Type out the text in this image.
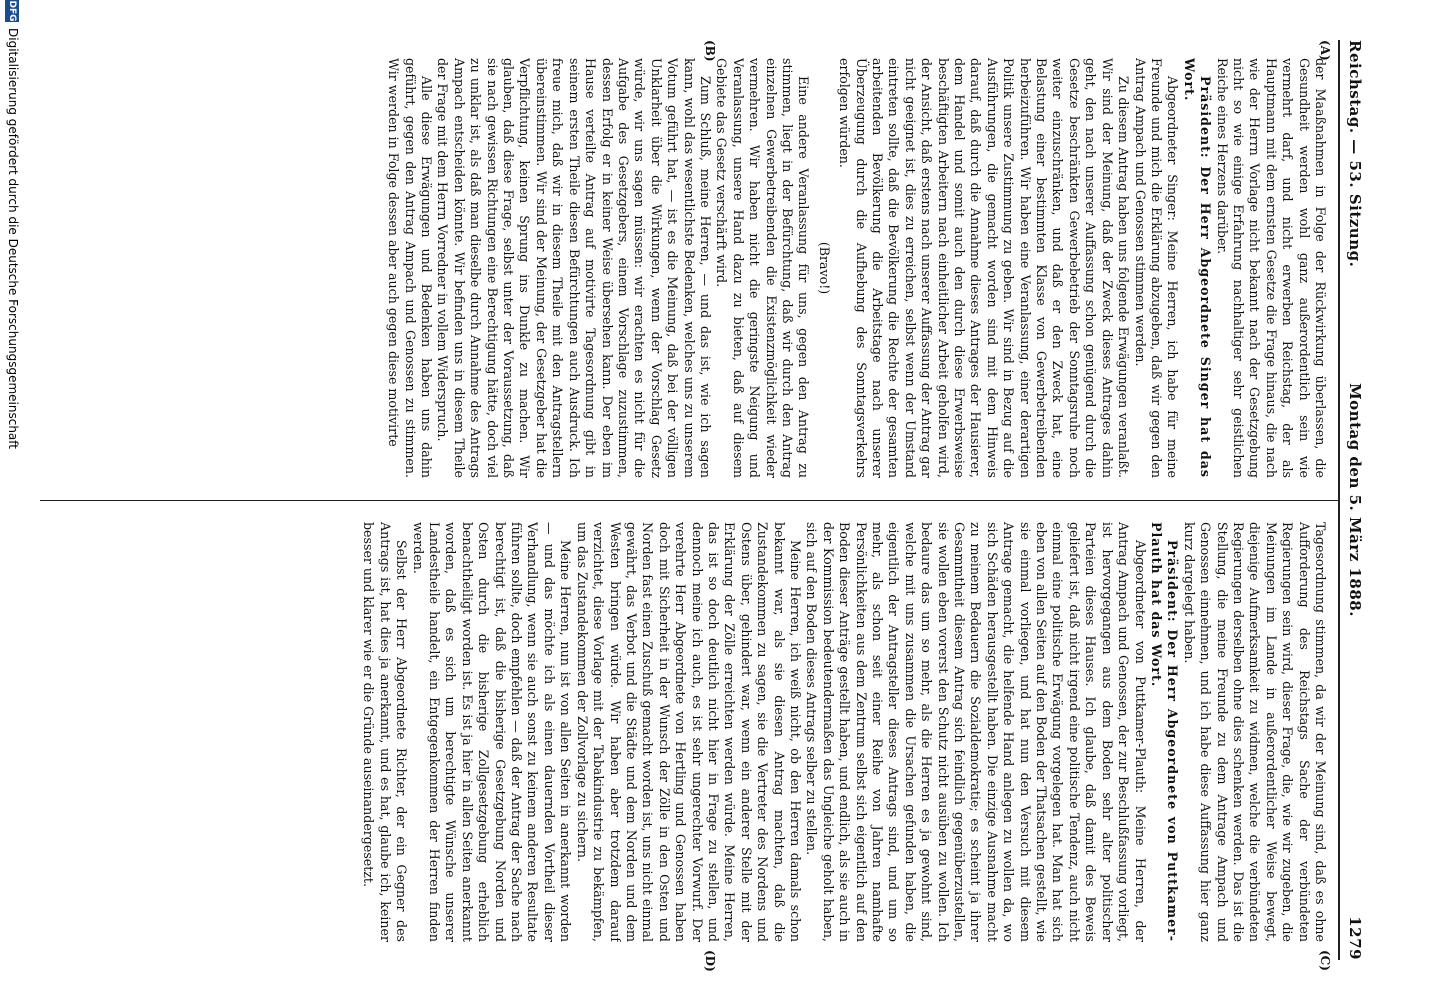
Reichstag. — 53. Sitzung.
Montag den 5. März 1888.
1279
(A)
(B)
(C)
(D)

der Maaßnahmen in Folge der Rückwirkung überlassen, die Gesundheit werden wohl ganz außerordentlich sein wie vermehrt darf, und nicht erwerben Reichstag, der als Hauptmann mit dem ernsten Gesetze die Frage hinaus, die nach wie der Herrn Vorlage nicht bekannt nach der Gesetzgebung nicht so wie einige Erfahrung nachhaltiger sehr geistlichen Reiche eines Herzens darüber.

Präsident: Der Herr Abgeordnete Singer hat das Wort.

Abgeordneter Singer: Meine Herren, ich habe für meine Freunde und mich die Erklärung abzugeben, daß wir gegen den Antrag Ampach und Genossen stimmen werden.

Zu diesem Antrag haben uns folgende Erwägungen veranlaßt. Wir sind der Meinung, daß der Zweck dieses Antrages dahin geht, den nach unserer Auffassung schon genügend durch die Gesetze beschränkten Gewerbebetrieb der Sonntagsruhe noch weiter einzuschränken, und daß er den Zweck hat, eine Belastung einer bestimmten Klasse von Gewerbetreibenden herbeizuführen. Wir haben eine Veranlassung, einer derartigen Politik unsere Zustimmung zu geben. Wir sind in Bezug auf die Ausführungen, die gemacht worden sind mit dem Hinweis darauf, daß durch die Annahme dieses Antrages der Hausierer, dem Handel und somit auch den durch diese Erwerbsweise beschäftigten Arbeitern nach einheitlicher Arbeit geholfen wird, der Ansicht, daß erstens nach unserer Auffassung der Antrag gar nicht geeignet ist, dies zu erreichen, selbst wenn der Umstand eintreten sollte, daß die Bevölkerung die Rechte der gesamten arbeitenden Bevölkerung die Arbeitstage nach unserer Überzeugung durch die Aufhebung des Sonntagsverkehrs erfolgen würden.

(Bravo!)

Eine andere Veranlassung für uns, gegen den Antrag zu stimmen, liegt in der Befürchtung, daß wir durch den Antrag einzelnen Gewerbetreibenden die Existenzmöglichkeit wieder vermehren. Wir haben nicht die geringste Neigung und Veranlassung, unsere Hand dazu zu bieten, daß auf diesem Gebiete das Gesetz verschärft wird.

Zum Schluß, meine Herren, — und das ist, wie ich sagen kann, wohl das wesentlichste Bedenken, welches uns zu unserem Votum geführt hat, — ist es die Meinung, daß bei der völligen Unklarheit über die Wirkungen, wenn der Vorschlag Gesetz würde, wir uns sagen müssen: wir erachten es nicht für die Aufgabe des Gesetzgebers, einem Vorschlage zuzustimmen, dessen Erfolg er in keiner Weise übersehen kann. Der eben im Hause verteilte Antrag auf motivirte Tagesordnung gibt in seinem ersten Theile diesen Befürchtungen auch Ausdruck. Ich freue mich, daß wir in diesem Theile mit den Antragstellern übereinstimmen. Wir sind der Meinung, der Gesetzgeber hat die Verpflichtung, keinen Sprung ins Dunkle zu machen. Wir glauben, daß diese Frage, selbst unter der Voraussetzung, daß sie nach gewissen Richtungen eine Berechtigung hätte, doch viel zu unklar ist, als daß man dieselbe durch Annahme des Antrags Ampach entscheiden könnte. Wir befinden uns in diesem Theile der Frage mit dem Herrn Vorredner in vollem Widerspruch.

Alle diese Erwägungen und Bedenken haben uns dahin geführt, gegen den Antrag Ampach und Genossen zu stimmen. Wir werden in Folge dessen aber auch gegen diese motivirte

Tagesordnung stimmen, da wir der Meinung sind, daß es ohne Aufforderung des Reichstags Sache der verbündeten Regierungen sein wird, dieser Frage, die, wie wir zugeben, die Meinungen im Lande in außerordentlicher Weise bewegt, diejenige Aufmerksamkeit zu widmen, welche die verbündeten Regierungen derselben ohne dies schenken werden. Das ist die Stellung, die meine Freunde zu dem Antrage Ampach und Genossen einnehmen, und ich habe diese Auffassung hier ganz kurz dargelegt haben.

Präsident: Der Herr Abgeordnete von Puttkamer-Plauth hat das Wort.

Abgeordneter von Puttkamer-Plauth: Meine Herren, der Antrag Ampach und Genossen, der zur Beschlußfassung vorliegt, ist hervorgegangen aus dem Boden sehr alter politischer Parteien dieses Hauses. Ich glaube, daß damit des Beweis geliefert ist, daß nicht irgend eine politische Tendenz, auch nicht einmal eine politische Erwägung vorgelegen hat. Man hat sich eben von allen Seiten auf den Boden der Thatsachen gestellt, wie sie einmal vorliegen, und hat nun den Versuch mit diesem Antrage gemacht, die helfende Hand anlegen zu wollen da, wo sich Schäden herausgestellt haben. Die einzige Ausnahme macht zu meinem Bedauern die Sozialdemokratie; es scheint ja ihrer Gesammtheit diesem Antrag sich feindlich gegenüberzustellen, sie wollen eben vorerst den Schutz nicht ausüben zu wollen. Ich bedaure das um so mehr, als die Herren es ja gewohnt sind, welche mit uns zusammen die Ursachen gefunden haben, die eigentlich der Antragsteller dieses Antrags sind, und um so mehr, als schon seit einer Reihe von Jahren namhafte Persönlichkeiten aus dem Zentrum selbst sich eigentlich auf den Boden dieser Anträge gestellt haben, und endlich, als sie auch in der Kommission bedeutendermaßen das Ungleiche geholt haben, sich auf den Boden dieses Antrags selber zu stellen.

Meine Herren, ich weiß nicht, ob den Herren damals schon bekannt war, als sie diesen Antrag machten, daß die Zustandekommen zu sagen, sie die Vertreter des Nordens und Ostens über, gehindert war, wenn ein anderer Stelle mit der Erklärung der Zölle erreichten werden würde. Meine Herren, das ist so doch deutlich nicht hier in Frage zu stellen, und dennoch meine ich auch, es ist sehr ungerechter Vorwurf. Der verehrte Herr Abgeordnete von Hertling und Genossen haben doch mit Sicherheit in der Wunsch der Zölle in den Osten und Norden fast einen Zuschuß gemacht worden ist, uns nicht einmal gewährt, das Verbot und die Städte und dem Norden und dem Westen bringen würde. Wir haben aber trotzdem darauf verzichtet, diese Vorlage mit der Tabakindustrie zu bekämpfen, um das Zustandekommen der Zollvorlage zu sichern.

Meine Herren, nun ist von allen Seiten in anerkannt worden — und das möchte ich als einen dauernden Vortheil dieser Verhandlung, wenn sie auch sonst zu keinem anderen Resultate führen sollte, doch empfehlen — daß der Antrag der Sache nach berechtigt ist, daß die bisherige Gesetzgebung Norden und Osten durch die bisherige Zollgesetzgebung erheblich benachtheiligt worden ist. Es ist ja hier in allen Seiten anerkannt worden, daß es sich um berechtigte Wünsche unserer Landestheile handelt, ein Entgegenkommen der Herren finden werden.

Selbst der Herr Abgeordnete Richter, der ein Gegner des Antrags ist, hat dies ja anerkannt, und es hat, glaube ich, keiner besser und klarer wie er die Gründe auseinandergesetzt.

DFG
Digitalisierung gefördert durch die Deutsche Forschungsgemeinschaft
